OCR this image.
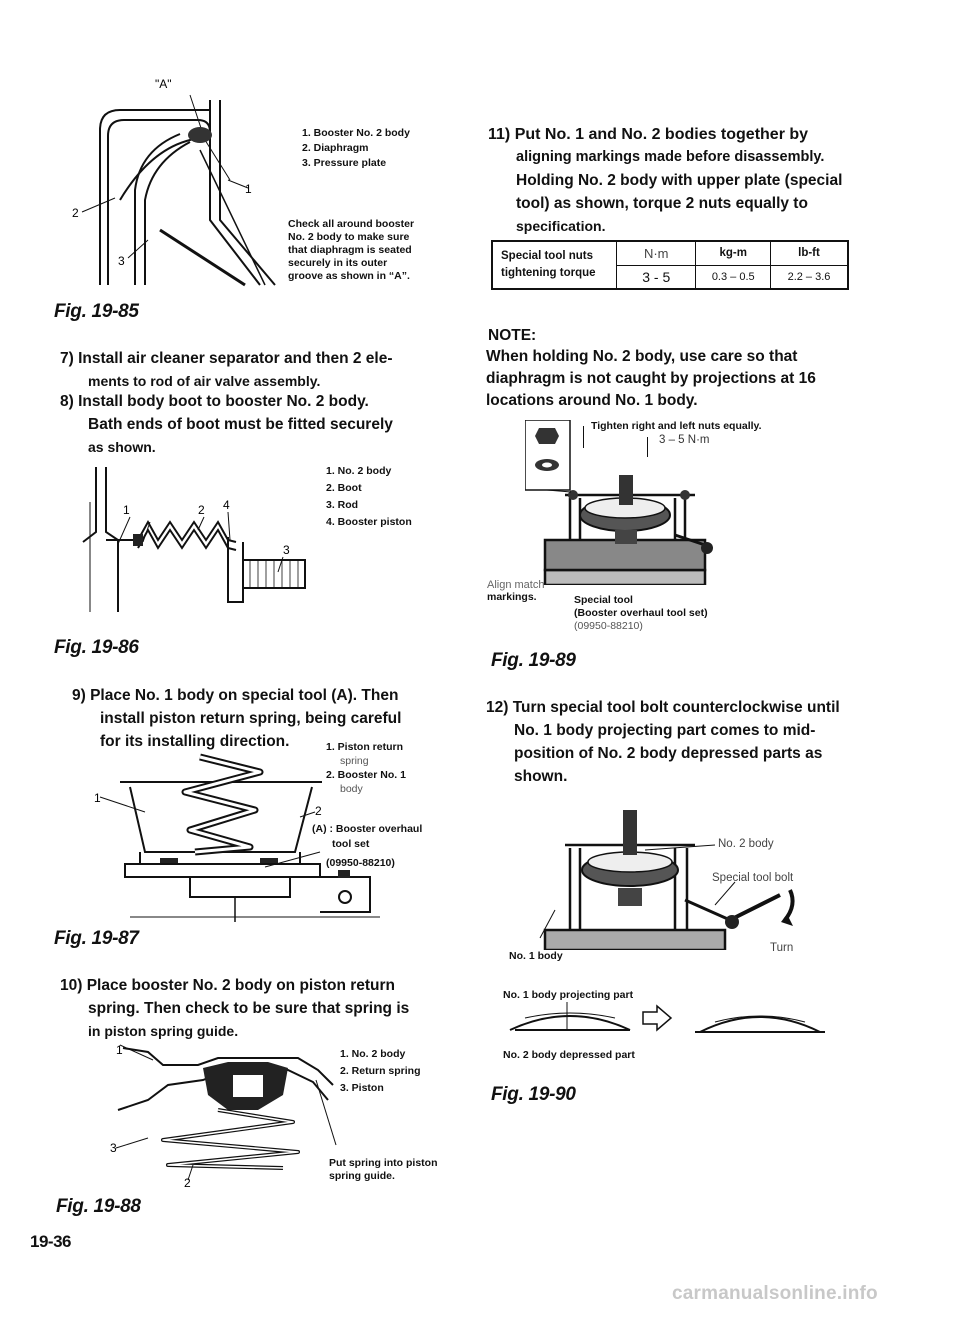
"A"
1
2
3
1. Booster No. 2 body
2. Diaphragm
3. Pressure plate
Check all around booster
No. 2 body to make sure
that diaphragm is seated
securely in its outer
groove as shown in “A”.
Fig. 19-85
7) Install air cleaner separator and then 2 ele-
ments to rod of air valve assembly.
8) Install body boot to booster No. 2 body.
Bath ends of boot must be fitted securely
as shown.
1	2
3
4
1. No. 2 body
2. Boot
3. Rod
4. Booster piston
Fig. 19-86
9) Place No. 1 body on special tool (A). Then
install piston return spring, being careful
for its installing direction.
1
2
1. Piston return
spring
2. Booster No. 1
body
(A) : Booster overhaul
tool set
(09950-88210)
Fig. 19-87
10) Place booster No. 2 body on piston return
spring. Then check to be sure that spring is
in piston spring guide.
1
2
3
1. No. 2 body
2. Return spring
3. Piston
Put spring into piston
spring guide.
Fig. 19-88
19-36
11) Put No. 1 and No. 2 bodies together by
aligning markings made before disassembly.
Holding No. 2 body with upper plate (special
tool) as shown, torque 2 nuts equally to
specification.
Special tool nuts
tightening torque	N·m	kg-m	lb-ft
	3 - 5	0.3 – 0.5	2.2 – 3.6
NOTE:
When holding No. 2 body, use care so that
diaphragm is not caught by projections at 16
locations around No. 1 body.
Tighten right and left nuts equally.
3 – 5 N·m
Align match
markings.	Special tool
(Booster overhaul tool set)
(09950-88210)
Fig. 19-89
12) Turn special tool bolt counterclockwise until
No. 1 body projecting part comes to mid-
position of No. 2 body depressed parts as
shown.
No. 2 body
Special tool bolt
Turn
No. 1 body
No. 1 body projecting part
No. 2 body depressed part
Fig. 19-90
carmanualsonline.info
